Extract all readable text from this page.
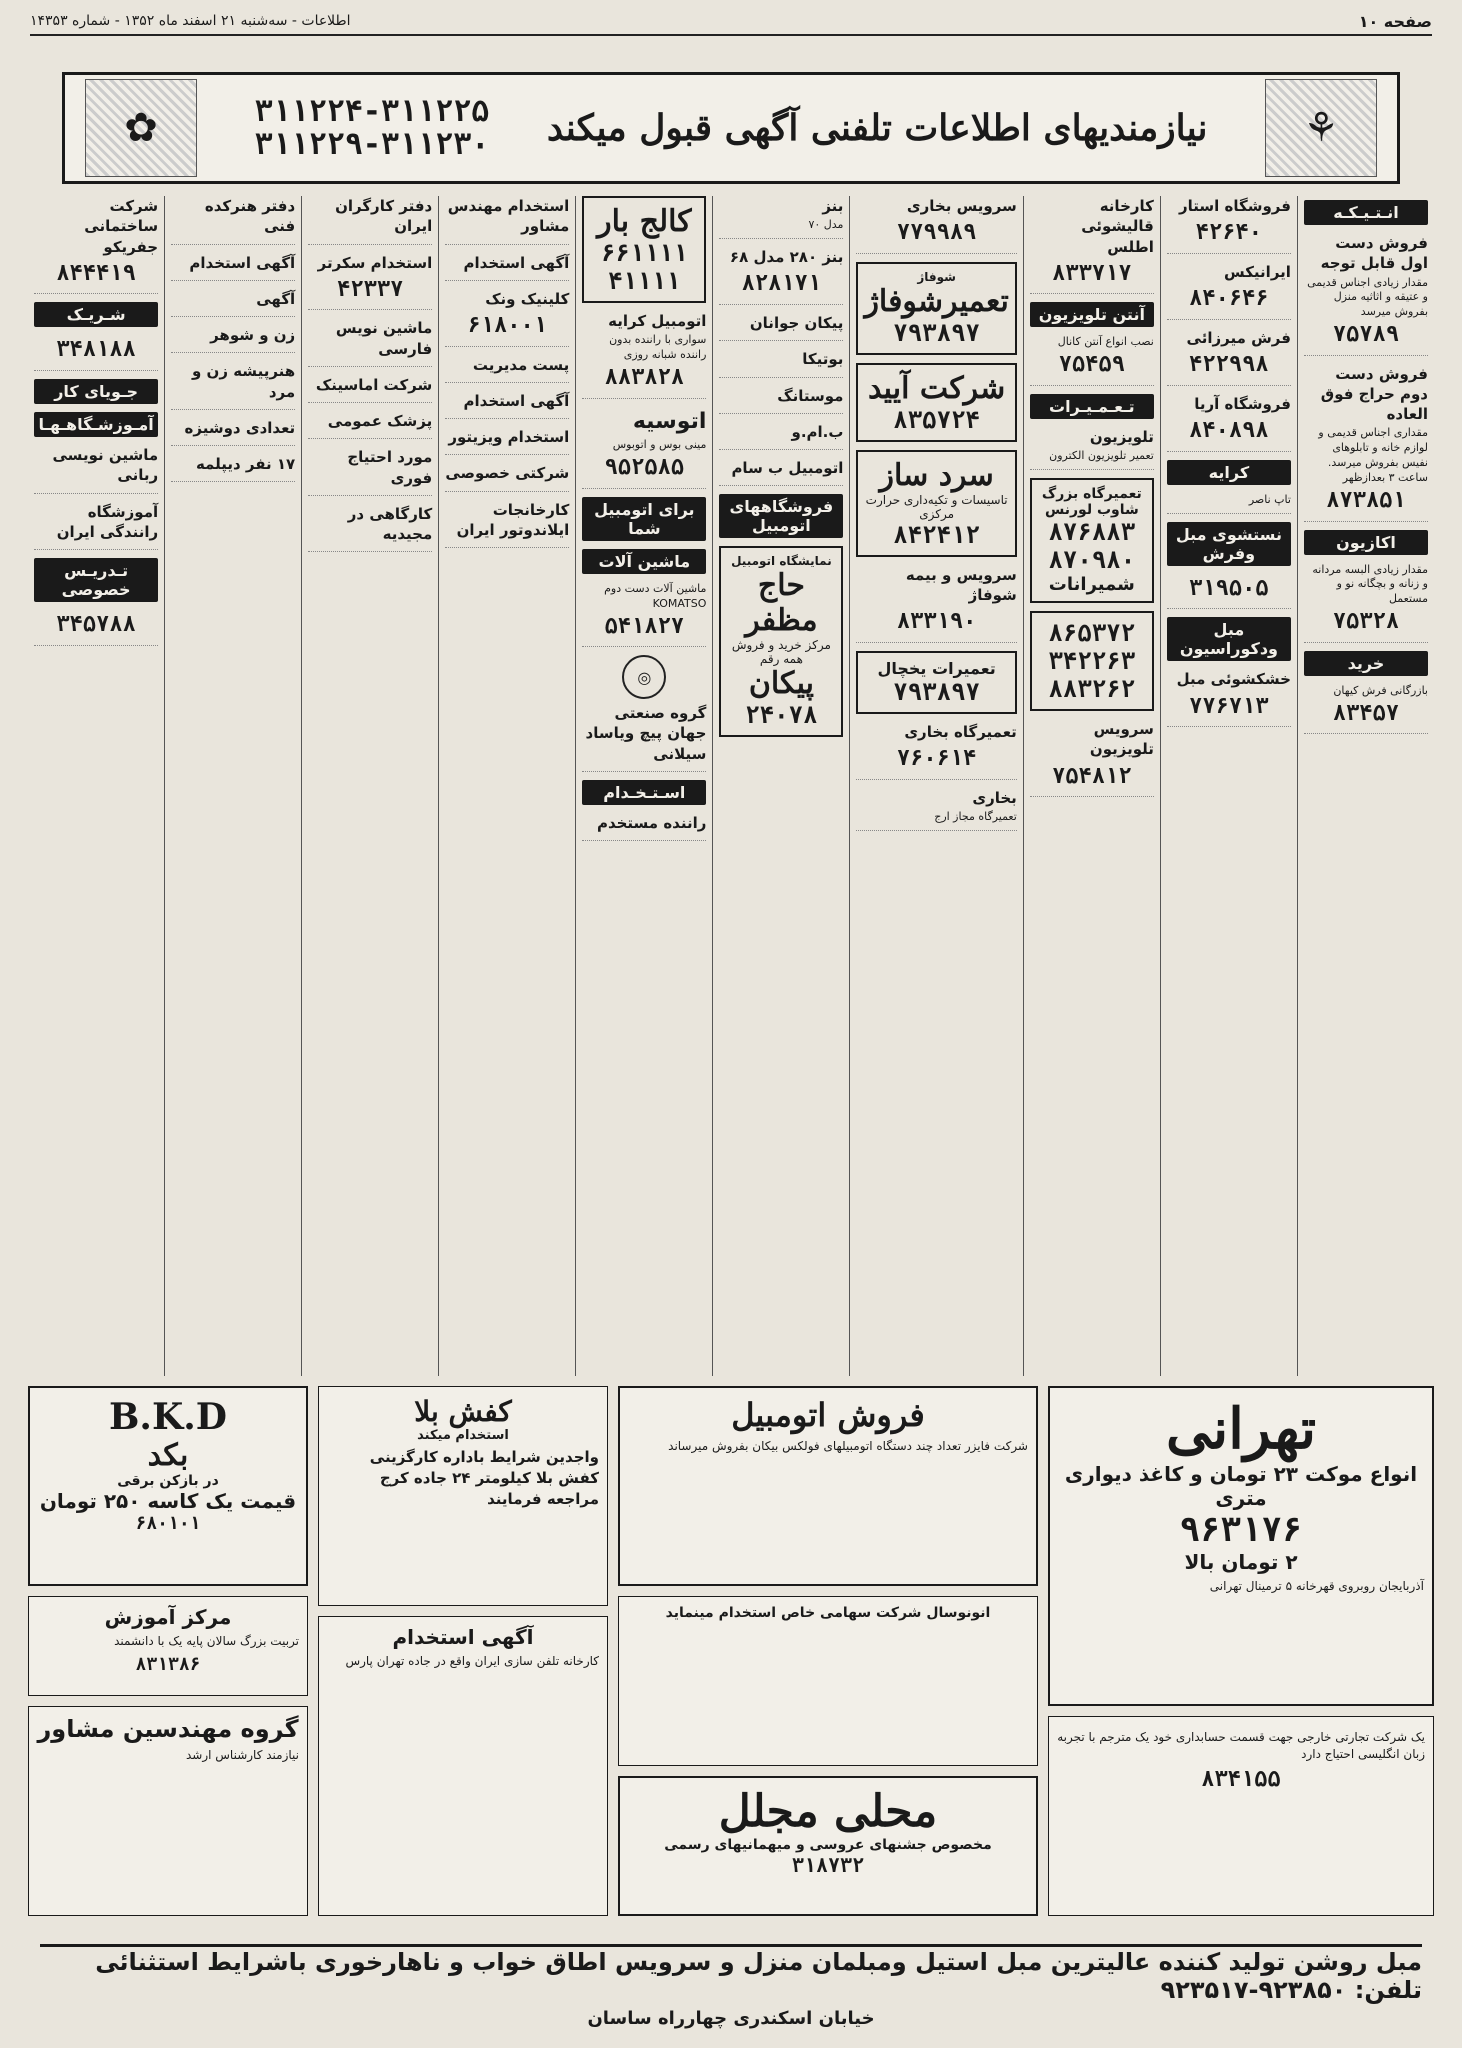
صفحه ۱۰
اطلاعات - سه‌شنبه ۲۱ اسفند ماه ۱۳۵۲ - شماره ۱۴۳۵۳
⚘
نیازمندیهای اطلاعات تلفنی آگهی قبول میکند
۳۱۱۲۲۴-۳۱۱۲۲۵
۳۱۱۲۲۹-۳۱۱۲۳۰
✿
انـتـیـکـه
فروش دست اول قابل توجه
مقدار زیادی اجناس قدیمی و عتیقه و اثاثیه منزل بفروش میرسد
۷۵۷۸۹
فروش دست دوم حراج فوق العاده
مقداری اجناس قدیمی و لوازم خانه و تابلوهای نفیس بفروش میرسد. ساعت ۳ بعدازظهر
۸۷۳۸۵۱
اکازیون
مقدار زیادی البسه مردانه و زنانه و بچگانه نو و مستعمل
۷۵۳۲۸
خرید
بازرگانی فرش کیهان
۸۳۴۵۷
فروشگاه استار
۴۲۶۴۰
ایرانیکس
۸۴۰۶۴۶
فرش میرزائی
۴۲۲۹۹۸
فروشگاه آریا
۸۴۰۸۹۸
کرایه
تاپ ناصر
نستشوی مبل وفرش
۳۱۹۵۰۵
مبل ودکوراسیون
خشکشوئی مبل
۷۷۶۷۱۳
کارخانه قالیشوئی اطلس
۸۳۳۷۱۷
آنتن تلویزیون
نصب انواع آنتن کانال
۷۵۴۵۹
تـعـمـیـرات
تلویزیون
تعمیر تلویزیون الکترون
تعمیرگاه بزرگ شاوب لورنس
۸۷۶۸۸۳
۸۷۰۹۸۰
شمیرانات
۸۶۵۳۷۲
۳۴۲۲۶۳
۸۸۳۲۶۲
سرویس تلویزیون
۷۵۴۸۱۲
سرویس بخاری
۷۷۹۹۸۹
شوفاژ
تعمیرشوفاژ
۷۹۳۸۹۷
شرکت آیید
۸۳۵۷۲۴
سرد ساز
تاسیسات و تکیه‌داری حرارت مرکزی
۸۴۲۴۱۲
سرویس و بیمه شوفاژ
۸۳۳۱۹۰
تعمیرات یخچال
۷۹۳۸۹۷
تعمیرگاه بخاری
۷۶۰۶۱۴
بخاری
تعمیرگاه مجاز ارج
بنز
مدل ۷۰
بنز ۲۸۰ مدل ۶۸
۸۲۸۱۷۱
پیکان جوانان
بوتیکا
موستانگ
ب.ام.و
اتومبیل ب سام
فروشگاههای اتومبیل
نمایشگاه اتومبیل
حاج مظفر
مرکز خرید و فروش همه رقم
پیکان
۲۴۰۷۸
کالج بار
۶۶۱۱۱۱
۴۱۱۱۱
اتومبیل کرایه
سواری با راننده بدون راننده شبانه روزی
۸۸۳۸۲۸
اتوسیه
مینی بوس و اتوبوس
۹۵۲۵۸۵
برای اتومبیل شما
ماشین آلات
ماشین آلات دست دوم KOMATSO
۵۴۱۸۲۷
◎
گروه صنعتی جهان پیچ ویاساد سیلانی
اسـتـخـدام
راننده مستخدم
استخدام مهندس مشاور
آگهی استخدام
کلینیک ونک
۶۱۸۰۰۱
پست مدیریت
آگهی استخدام
استخدام ویزیتور
شرکتی خصوصی
کارخانجات ایلاندوتور ایران
دفتر کارگران ایران
استخدام سکرتر
۴۲۳۳۷
ماشین نویس فارسی
شرکت اماسینک
پزشک عمومی
مورد احتیاج فوری
کارگاهی در مجیدیه
دفتر هنرکده فنی
آگهی استخدام
آگهی
زن و شوهر
هنرپیشه زن و مرد
تعدادی دوشیزه
۱۷ نفر دیپلمه
شرکت ساختمانی جفریکو
۸۴۴۴۱۹
شـریـک
۳۴۸۱۸۸
جـویای کار
آمـوزشـگاهـهـا
ماشین نویسی ربانی
آموزشگاه رانندگی‌ ایران
تـدریـس خصوصی
۳۴۵۷۸۸
تهرانی
انواع موکت ۲۳ تومان و کاغذ دیواری متری
۹۶۳۱۷۶
۲ تومان بالا

آذربایجان روبروی قهرخانه ۵ ترمینال تهرانی

یک شرکت تجارتی خارجی جهت قسمت حسابداری خود یک مترجم با تجربه زبان انگلیسی احتیاج دارد

۸۳۴۱۵۵
فروش اتومبیل

شرکت فایزر تعداد چند دستگاه اتومبیلهای فولکس بیکان بفروش میرساند

انونوسال شرکت سهامی خاص استخدام مینماید
محلی مجلل
مخصوص جشنهای عروسی و میهمانیهای رسمی
۳۱۸۷۳۲
کفش بلا
استخدام میکند

واجدین شرایط باداره کارگزینی کفش بلا کیلومتر ۲۴ جاده کرج مراجعه فرمایند

آگهی استخدام

کارخانه تلفن سازی ایران واقع در جاده تهران پارس

B.K.D
بکد
در بازکن برقی
قیمت یک کاسه ۲۵۰ تومان
۶۸۰۱۰۱
مرکز آموزش

تربیت بزرگ سالان پایه یک با دانشمند

۸۳۱۳۸۶
گروه مهندسین مشاور

نیازمند کارشناس ارشد

مبل روشن تولید کننده عالیترین مبل استیل ومبلمان منزل و سرویس اطاق خواب و ناهارخوری باشرایط استثنائی تلفن: ۹۲۳۸۵۰-۹۲۳۵۱۷
خیابان اسکندری چهارراه ساسان
